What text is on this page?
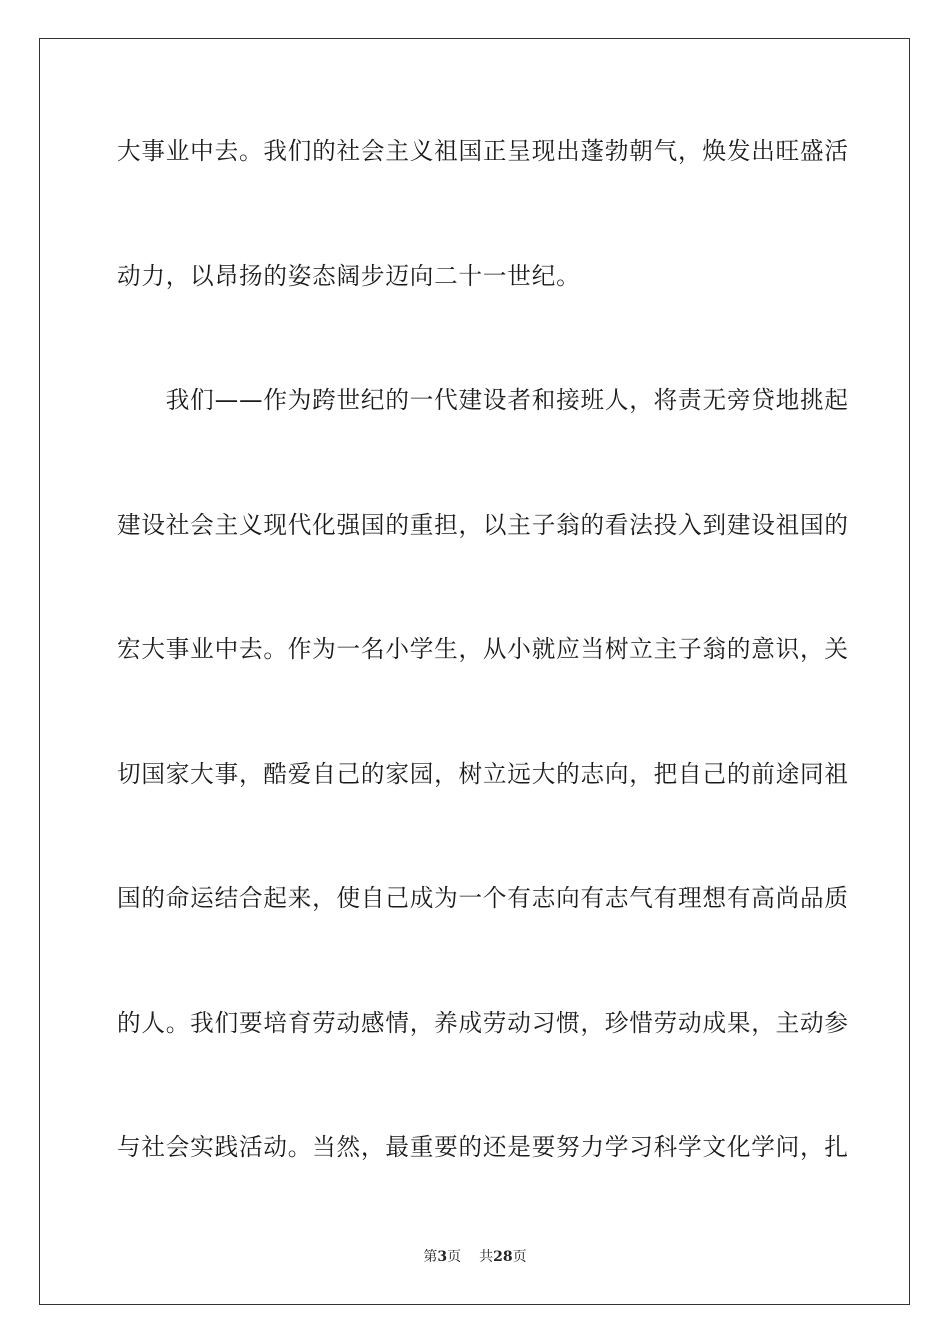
大事业中去。我们的社会主义祖国正呈现出蓬勃朝气，焕发出旺盛活
动力，以昂扬的姿态阔步迈向二十一世纪。
　　我们——作为跨世纪的一代建设者和接班人，将责无旁贷地挑起
建设社会主义现代化强国的重担，以主子翁的看法投入到建设祖国的
宏大事业中去。作为一名小学生，从小就应当树立主子翁的意识，关
切国家大事，酷爱自己的家园，树立远大的志向，把自己的前途同祖
国的命运结合起来，使自己成为一个有志向有志气有理想有高尚品质
的人。我们要培育劳动感情，养成劳动习惯，珍惜劳动成果，主动参
与社会实践活动。当然，最重要的还是要努力学习科学文化学问，扎
第3页 共28页
